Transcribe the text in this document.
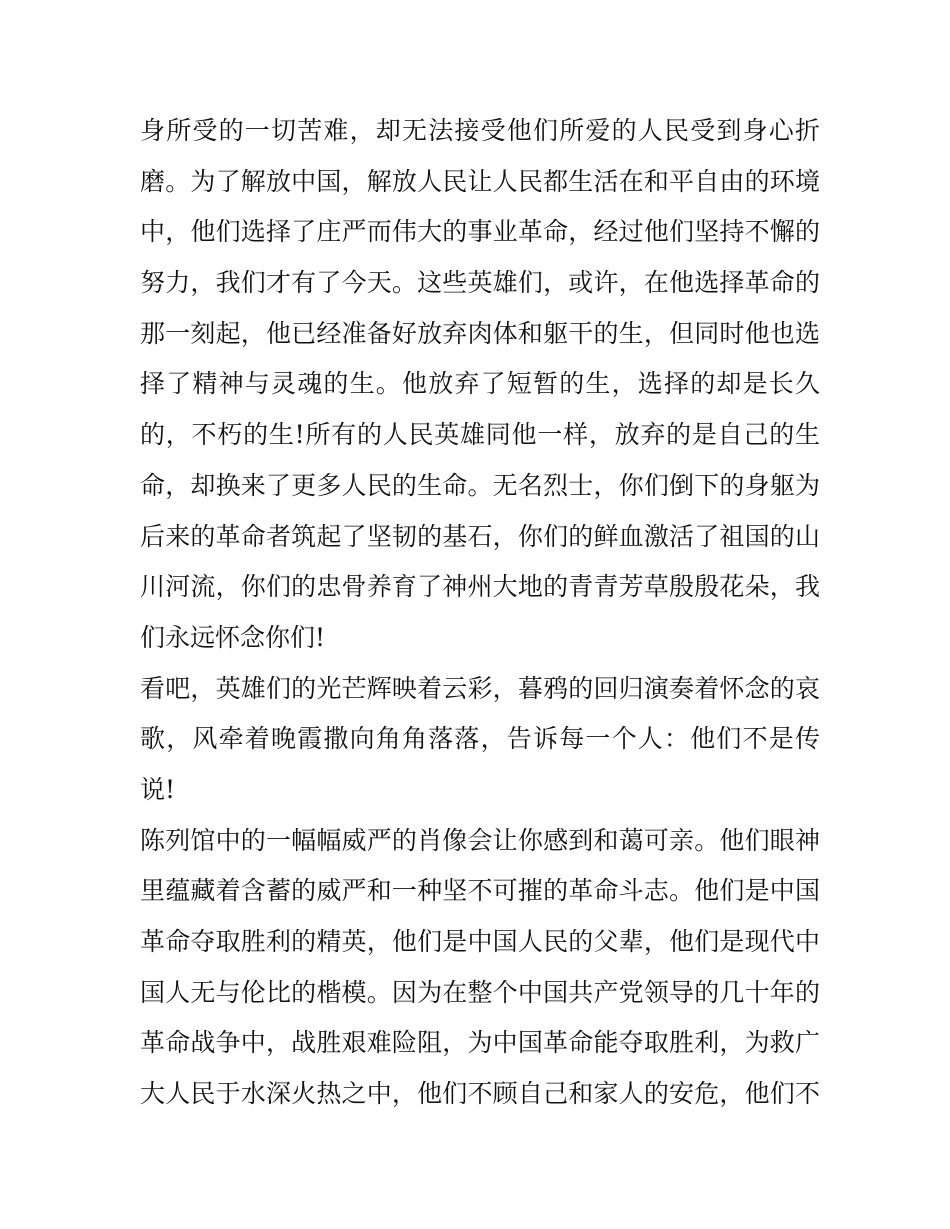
身所受的一切苦难，却无法接受他们所爱的人民受到身心折
磨。为了解放中国，解放人民让人民都生活在和平自由的环境
中，他们选择了庄严而伟大的事业革命，经过他们坚持不懈的
努力，我们才有了今天。这些英雄们，或许，在他选择革命的
那一刻起，他已经准备好放弃肉体和躯干的生，但同时他也选
择了精神与灵魂的生。他放弃了短暂的生，选择的却是长久
的，不朽的生!所有的人民英雄同他一样，放弃的是自己的生
命，却换来了更多人民的生命。无名烈士，你们倒下的身躯为
后来的革命者筑起了坚韧的基石，你们的鲜血激活了祖国的山
川河流，你们的忠骨养育了神州大地的青青芳草殷殷花朵，我
们永远怀念你们!
看吧，英雄们的光芒辉映着云彩，暮鸦的回归演奏着怀念的哀
歌，风牵着晚霞撒向角角落落，告诉每一个人：他们不是传
说!
陈列馆中的一幅幅威严的肖像会让你感到和蔼可亲。他们眼神
里蕴藏着含蓄的威严和一种坚不可摧的革命斗志。他们是中国
革命夺取胜利的精英，他们是中国人民的父辈，他们是现代中
国人无与伦比的楷模。因为在整个中国共产党领导的几十年的
革命战争中，战胜艰难险阻，为中国革命能夺取胜利，为救广
大人民于水深火热之中，他们不顾自己和家人的安危，他们不
